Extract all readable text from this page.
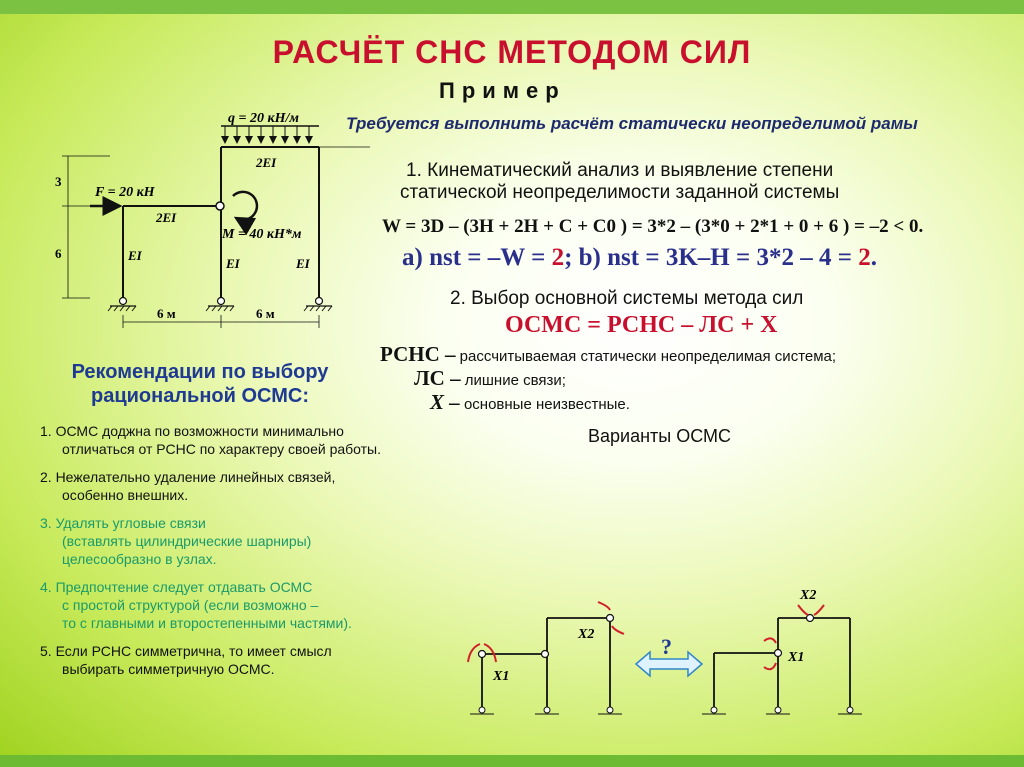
РАСЧЁТ СНС МЕТОДОМ СИЛ
Пример
Требуется выполнить расчёт статически неопределимой рамы
q = 20 кН/м
F = 20 кН
M = 40 кН*м
2EI
2EI
EI
EI	EI
3
6
6 м	6 м
1. Кинематический анализ и выявление степени
статической неопределимости заданной системы
W = 3D – (3H + 2H + C + C0 ) = 3*2 – (3*0 + 2*1 + 0 + 6 ) = –2 < 0.
a) nst = –W = 2; b) nst = 3K–H = 3*2 – 4 = 2.
2. Выбор основной системы метода сил
ОСМС = РСНС – ЛС + X
РСНС – рассчитываемая статически неопределимая система;
ЛС – лишние связи;
X – основные неизвестные.
Рекомендации по выбору рациональной ОСМС:
1. ОСМС доджна по возможности минимально
отличаться от РСНС по характеру своей работы.
2. Нежелательно удаление линейных связей,
особенно внешних.
3. Удалять угловые связи
(вставлять цилиндрические шарниры)
целесообразно в узлах.
4. Предпочтение следует отдавать ОСМС
с простой структурой (если возможно –
то с главными и второстепенными частями).
5. Если РСНС симметрична, то имеет смысл
выбирать симметричную ОСМС.
Варианты ОСМС
X1
X2	?	X1
X2
